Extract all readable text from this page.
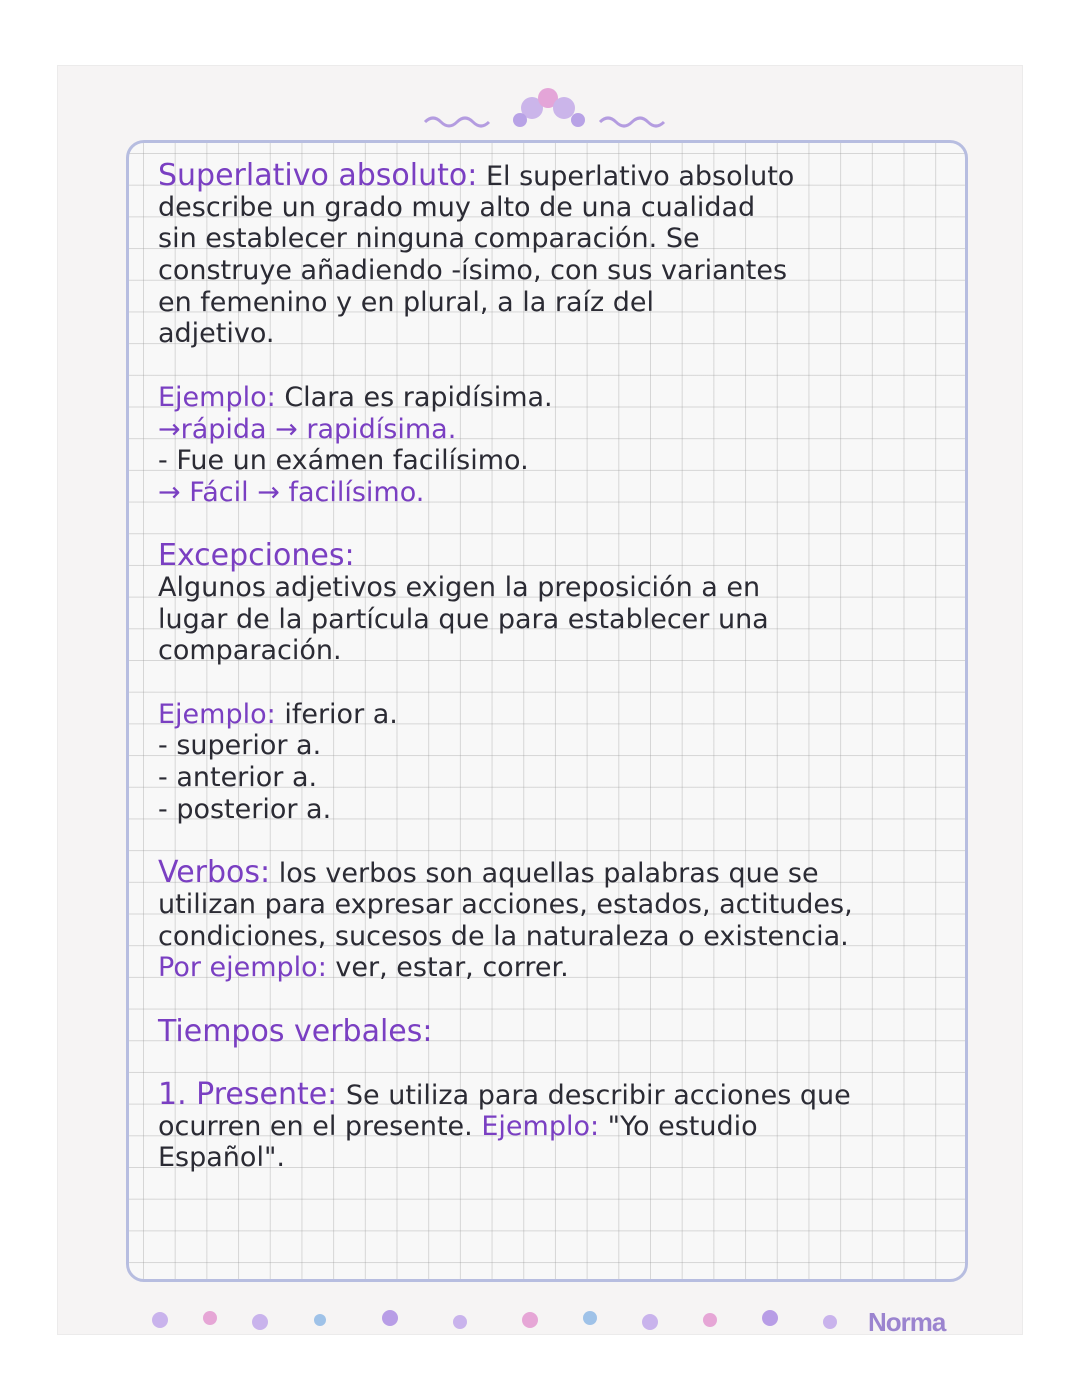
Superlativo absoluto: El superlativo absoluto
describe un grado muy alto de una cualidad
sin establecer ninguna comparación. Se
construye añadiendo -ísimo, con sus variantes
en femenino y en plural, a la raíz del
adjetivo.
Ejemplo: Clara es rapidísima.
→rápida → rapidísima.
- Fue un exámen facilísimo.
→ Fácil → facilísimo.
Excepciones:
Algunos adjetivos exigen la preposición a en
lugar de la partícula que para establecer una
comparación.
Ejemplo: iferior a.
- superior a.
- anterior a.
- posterior a.
Verbos: los verbos son aquellas palabras que se
utilizan para expresar acciones, estados, actitudes,
condiciones, sucesos de la naturaleza o existencia.
Por ejemplo: ver, estar, correr.
Tiempos verbales:
1. Presente: Se utiliza para describir acciones que
ocurren en el presente. Ejemplo: "Yo estudio
Español".
Norma
